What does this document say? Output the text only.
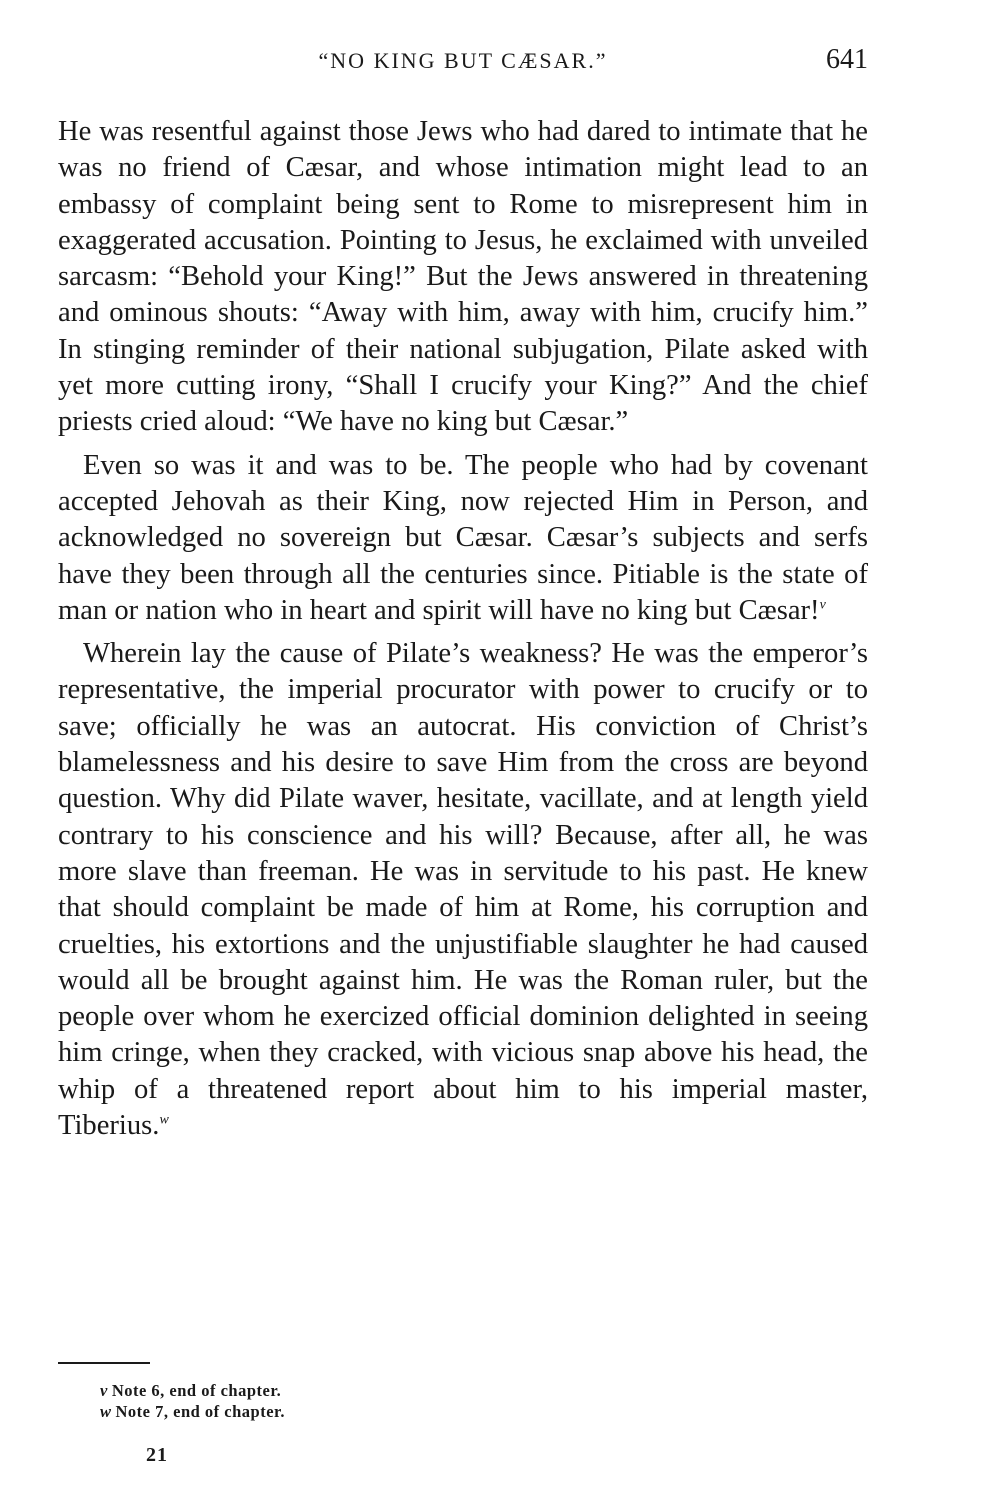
“NO KING BUT CÆSAR.”	641

He was resentful against those Jews who had dared to intimate that he was no friend of Cæsar, and whose intimation might lead to an embassy of complaint being sent to Rome to misrepresent him in exaggerated accusation. Pointing to Jesus, he exclaimed with unveiled sarcasm: “Behold your King!” But the Jews answered in threatening and ominous shouts: “Away with him, away with him, crucify him.” In stinging reminder of their national subjugation, Pilate asked with yet more cutting irony, “Shall I crucify your King?” And the chief priests cried aloud: “We have no king but Cæsar.”

Even so was it and was to be. The people who had by covenant accepted Jehovah as their King, now rejected Him in Person, and acknowledged no sovereign but Cæsar. Cæsar’s subjects and serfs have they been through all the centuries since. Pitiable is the state of man or nation who in heart and spirit will have no king but Cæsar!$^v$

Wherein lay the cause of Pilate’s weakness? He was the emperor’s representative, the imperial procurator with power to crucify or to save; officially he was an autocrat. His conviction of Christ’s blamelessness and his desire to save Him from the cross are beyond question. Why did Pilate waver, hesitate, vacillate, and at length yield contrary to his conscience and his will? Because, after all, he was more slave than freeman. He was in servitude to his past. He knew that should complaint be made of him at Rome, his corruption and cruelties, his extortions and the unjustifiable slaughter he had caused would all be brought against him. He was the Roman ruler, but the people over whom he exercized official dominion delighted in seeing him cringe, when they cracked, with vicious snap above his head, the whip of a threatened report about him to his imperial master, Tiberius.$^w$

v Note 6, end of chapter.
w Note 7, end of chapter.
21
